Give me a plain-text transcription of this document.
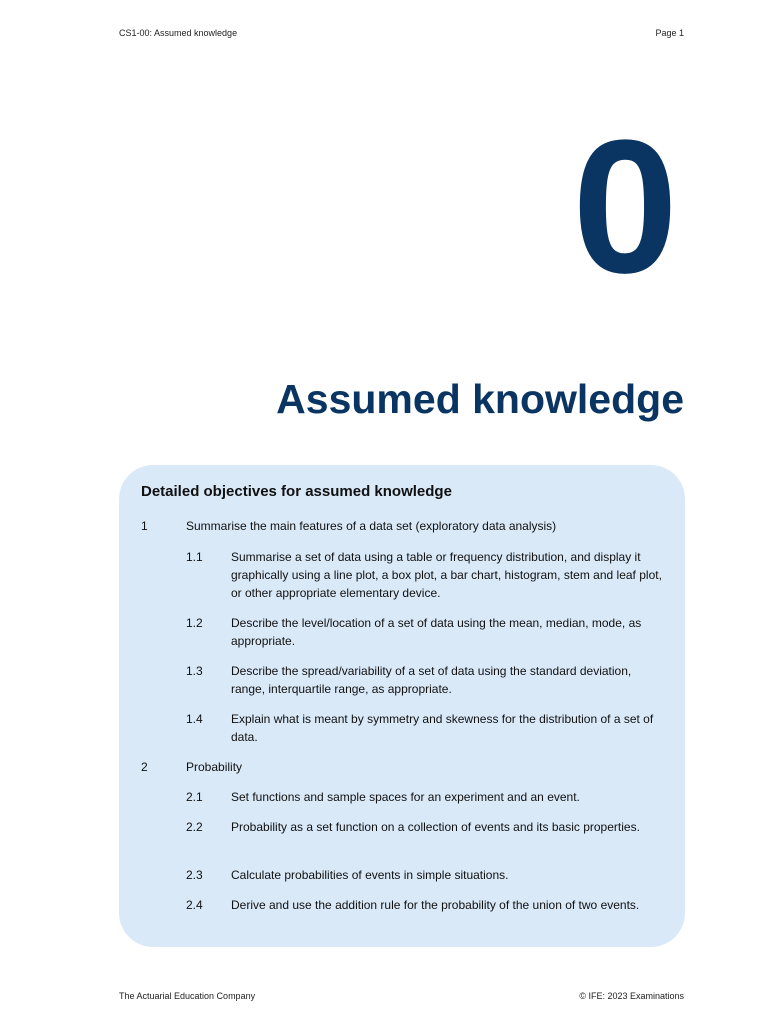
CS1-00: Assumed knowledge	Page 1
0
Assumed knowledge
Detailed objectives for assumed knowledge
1	Summarise the main features of a data set (exploratory data analysis)
1.1 Summarise a set of data using a table or frequency distribution, and display it graphically using a line plot, a box plot, a bar chart, histogram, stem and leaf plot, or other appropriate elementary device.
1.2 Describe the level/location of a set of data using the mean, median, mode, as appropriate.
1.3 Describe the spread/variability of a set of data using the standard deviation, range, interquartile range, as appropriate.
1.4 Explain what is meant by symmetry and skewness for the distribution of a set of data.
2	Probability
2.1 Set functions and sample spaces for an experiment and an event.
2.2 Probability as a set function on a collection of events and its basic properties.
2.3 Calculate probabilities of events in simple situations.
2.4 Derive and use the addition rule for the probability of the union of two events.
The Actuarial Education Company	© IFE: 2023 Examinations
